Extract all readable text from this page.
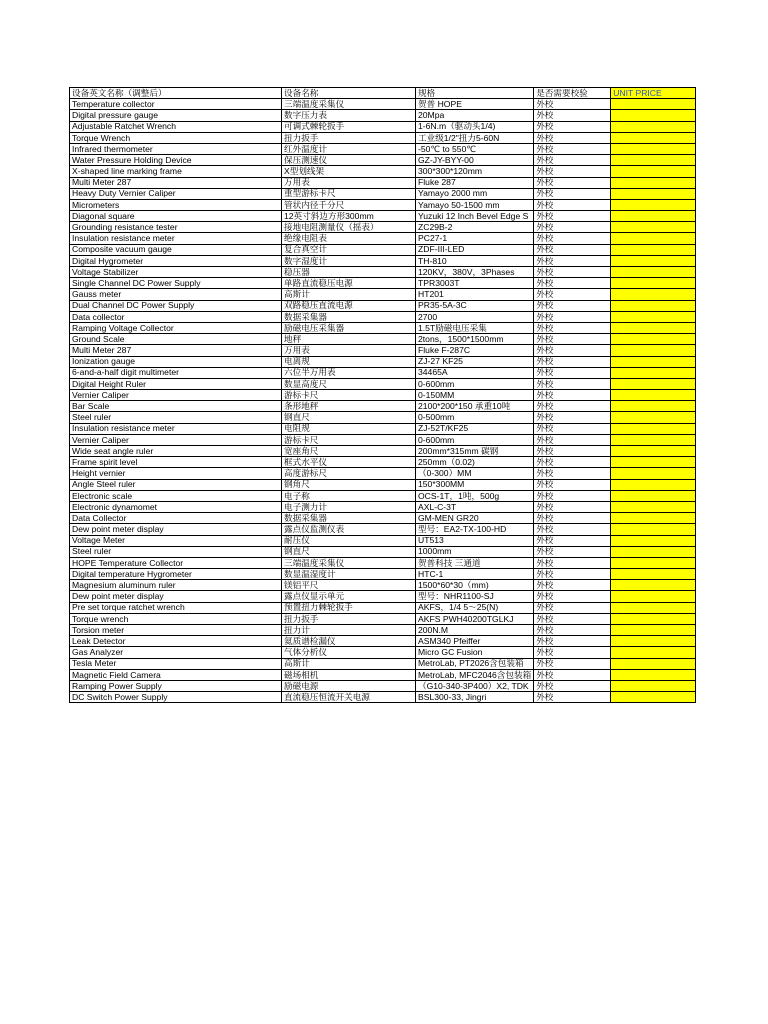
设备英文名称（调整后）	设备名称	规格	是否需要校验	UNIT PRICE
Temperature collector	三端温度采集仪	贺普 HOPE	外校	
Digital pressure gauge	数字压力表	20Mpa	外校	
Adjustable Ratchet Wrench	可调式棘轮扳手	1-6N.m（驱动头1/4)	外校	
Torque Wrench	扭力扳手	工业级1/2"扭力5-60N	外校	
Infrared thermometer	红外温度计	-50℃ to 550℃	外校	
Water Pressure Holding Device	保压测速仪	GZ-JY-BYY-00	外校	
X-shaped line marking frame	X型划线架	300*300*120mm	外校	
Multi Meter 287	万用表	Fluke 287	外校	
Heavy Duty Vernier Caliper	重型游标卡尺	Yamayo 2000 mm	外校	
Micrometers	管状内径千分尺	Yamayo 50-1500 mm	外校	
Diagonal square	12英寸斜边方形300mm	Yuzuki 12 Inch Bevel Edge S	外校	
Grounding resistance tester	接地电阻测量仪（摇表）	ZC29B-2	外校	
Insulation resistance meter	绝缘电阻表	PC27-1	外校	
Composite vacuum gauge	复合真空计	ZDF-III-LED	外校	
Digital Hygrometer	数字湿度计	TH-810	外校	
Voltage Stabilizer	稳压器	120KV，380V，3Phases	外校	
Single Channel DC Power Supply	单路直流稳压电源	TPR3003T	外校	
Gauss meter	高斯计	HT201	外校	
Dual Channel DC Power Supply	双路稳压直流电源	PR35-5A-3C	外校	
Data collector	数据采集器	2700	外校	
Ramping Voltage Collector	励磁电压采集器	1.5T励磁电压采集	外校	
Ground Scale	地秤	2tons，1500*1500mm	外校	
Multi Meter 287	万用表	Fluke F-287C	外校	
Ionization gauge	电离规	ZJ-27 KF25	外校	
6-and-a-half digit multimeter	六位半万用表	34465A	外校	
Digital Height Ruler	数显高度尺	0-600mm	外校	
Vernier Caliper	游标卡尺	0-150MM	外校	
Bar Scale	条形地秤	2100*200*150 承重10吨	外校	
Steel ruler	钢直尺	0-500mm	外校	
Insulation resistance meter	电阻规	ZJ-52T/KF25	外校	
Vernier Caliper	游标卡尺	0-600mm	外校	
Wide seat angle ruler	宽座角尺	200mm*315mm 碳钢	外校	
Frame spirit level	框式水平仪	250mm（0.02)	外校	
Height vernier	高度游标尺	（0-300）MM	外校	
Angle Steel ruler	钢角尺	150*300MM	外校	
Electronic scale	电子称	OCS-1T，1吨，500g	外校	
Electronic dynamomet	电子测力计	AXL-C-3T	外校	
Data Collector	数据采集器	GM-MEN GR20	外校	
Dew point meter display	露点仪监测仪表	型号：EA2-TX-100-HD	外校	
Voltage Meter	耐压仪	UT513	外校	
Steel ruler	钢直尺	1000mm	外校	
HOPE Temperature Collector	三端温度采集仪	贺普科技 三通道	外校	
Digital temperature Hygrometer	数显温湿度计	HTC-1	外校	
Magnesium aluminum ruler	镁铝平尺	1500*60*30（mm)	外校	
Dew point meter display	露点仪显示单元	型号：NHR1100-SJ	外校	
Pre set torque ratchet wrench	预置扭力棘轮扳手	AKFS，1/4 5～25(N)	外校	
Torque wrench	扭力扳手	AKFS PWH40200TGLKJ	外校	
Torsion meter	扭力计	200N.M	外校	
Leak Detector	氦质谱检漏仪	ASM340 Pfeiffer	外校	
Gas Analyzer	气体分析仪	Micro GC Fusion	外校	
Tesla Meter	高斯计	MetroLab, PT2026含包装箱	外校	
Magnetic Field Camera	磁场相机	MetroLab, MFC2046含包装箱	外校	
Ramping Power Supply	励磁电源	（G10-340-3P400）X2, TDK	外校	
DC Switch Power Supply	直流稳压恒流开关电源	BSL300-33, Jingri	外校	
